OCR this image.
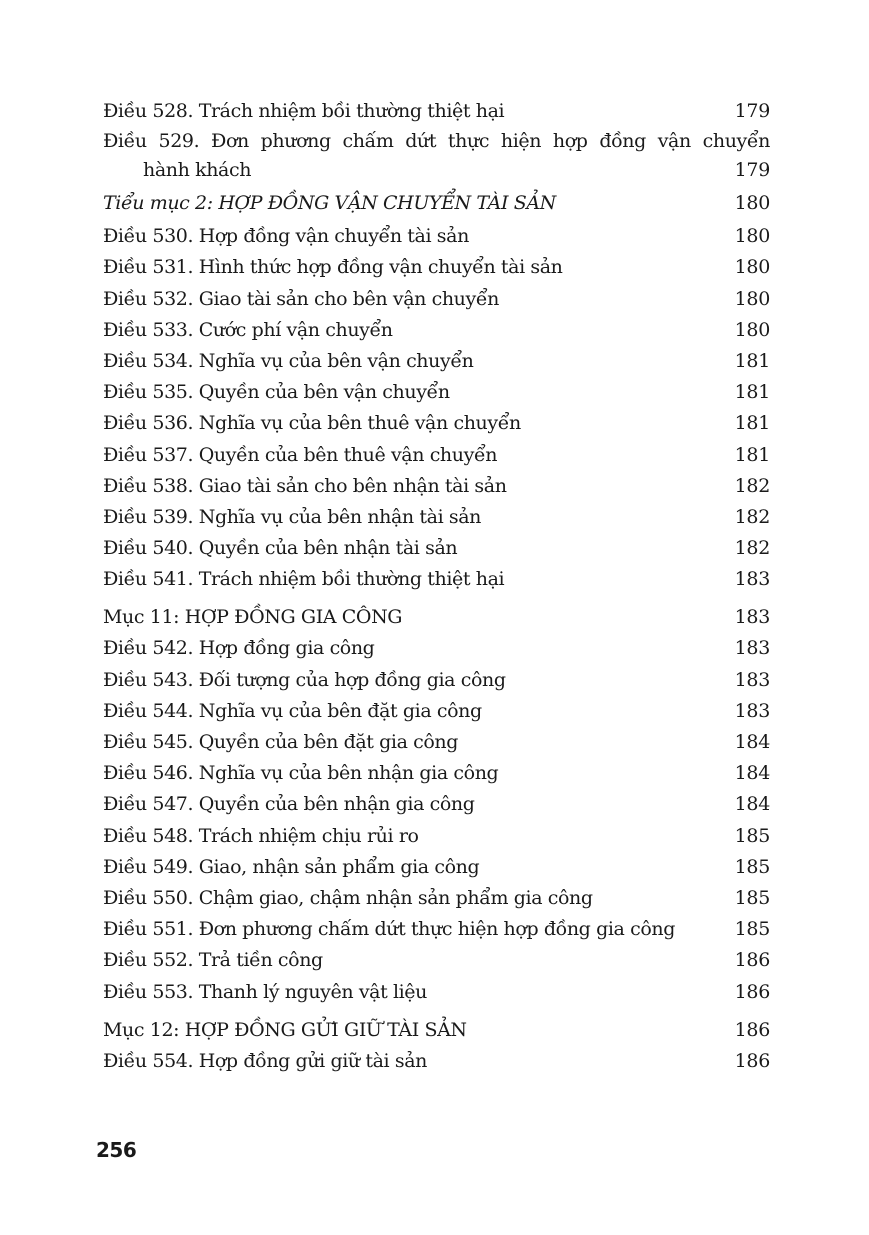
Điều 528. Trách nhiệm bồi thường thiệt hại	179
Điều 529. Đơn phương chấm dứt thực hiện hợp đồng vận chuyển
hành khách	179
Tiểu mục 2: HỢP ĐỒNG VẬN CHUYỂN TÀI SẢN	180
Điều 530. Hợp đồng vận chuyển tài sản	180
Điều 531. Hình thức hợp đồng vận chuyển tài sản	180
Điều 532. Giao tài sản cho bên vận chuyển	180
Điều 533. Cước phí vận chuyển	180
Điều 534. Nghĩa vụ của bên vận chuyển	181
Điều 535. Quyền của bên vận chuyển	181
Điều 536. Nghĩa vụ của bên thuê vận chuyển	181
Điều 537. Quyền của bên thuê vận chuyển	181
Điều 538. Giao tài sản cho bên nhận tài sản	182
Điều 539. Nghĩa vụ của bên nhận tài sản	182
Điều 540. Quyền của bên nhận tài sản	182
Điều 541. Trách nhiệm bồi thường thiệt hại	183
Mục 11: HỢP ĐỒNG GIA CÔNG	183
Điều 542. Hợp đồng gia công	183
Điều 543. Đối tượng của hợp đồng gia công	183
Điều 544. Nghĩa vụ của bên đặt gia công	183
Điều 545. Quyền của bên đặt gia công	184
Điều 546. Nghĩa vụ của bên nhận gia công	184
Điều 547. Quyền của bên nhận gia công	184
Điều 548. Trách nhiệm chịu rủi ro	185
Điều 549. Giao, nhận sản phẩm gia công	185
Điều 550. Chậm giao, chậm nhận sản phẩm gia công	185
Điều 551. Đơn phương chấm dứt thực hiện hợp đồng gia công	185
Điều 552. Trả tiền công	186
Điều 553. Thanh lý nguyên vật liệu	186
Mục 12: HỢP ĐỒNG GỬI GIỮ TÀI SẢN	186
Điều 554. Hợp đồng gửi giữ tài sản	186
256
